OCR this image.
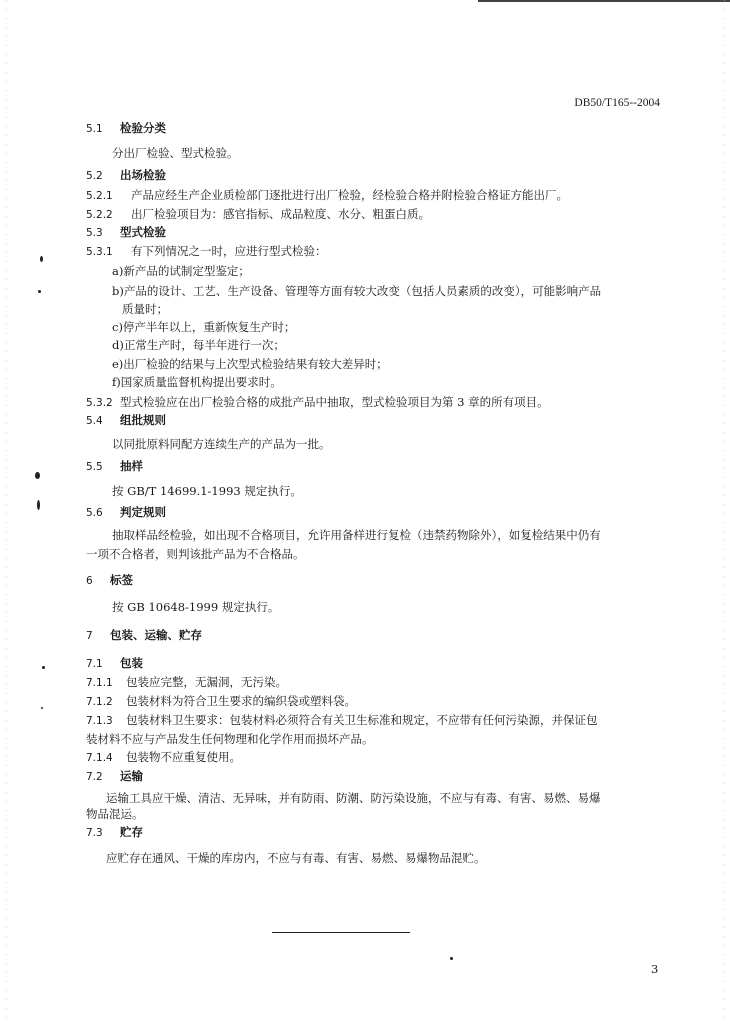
DB50/T165--2004
5.1 检验分类
分出厂检验、型式检验。
5.2 出场检验
5.2.1 产品应经生产企业质检部门逐批进行出厂检验，经检验合格并附检验合格证方能出厂。
5.2.2 出厂检验项目为：感官指标、成品粒度、水分、粗蛋白质。
5.3 型式检验
5.3.1 有下列情况之一时，应进行型式检验：
a)新产品的试制定型鉴定；
b)产品的设计、工艺、生产设备、管理等方面有较大改变（包括人员素质的改变），可能影响产品
质量时；
c)停产半年以上，重新恢复生产时；
d)正常生产时，每半年进行一次；
e)出厂检验的结果与上次型式检验结果有较大差异时；
f)国家质量监督机构提出要求时。
5.3.2 型式检验应在出厂检验合格的成批产品中抽取，型式检验项目为第 3 章的所有项目。
5.4 组批规则
以同批原料同配方连续生产的产品为一批。
5.5 抽样
按 GB/T 14699.1-1993 规定执行。
5.6 判定规则
抽取样品经检验，如出现不合格项目，允许用备样进行复检（违禁药物除外），如复检结果中仍有
一项不合格者，则判该批产品为不合格品。
6 标签
按 GB 10648-1999 规定执行。
7 包装、运输、贮存
7.1 包装
7.1.1 包装应完整，无漏洞，无污染。
7.1.2 包装材料为符合卫生要求的编织袋或塑料袋。
7.1.3 包装材料卫生要求：包装材料必须符合有关卫生标准和规定，不应带有任何污染源，并保证包
装材料不应与产品发生任何物理和化学作用而损坏产品。
7.1.4 包装物不应重复使用。
7.2 运输
运输工具应干燥、清洁、无异味，并有防雨、防潮、防污染设施，不应与有毒、有害、易燃、易爆
物品混运。
7.3 贮存
应贮存在通风、干燥的库房内，不应与有毒、有害、易燃、易爆物品混贮。
3
